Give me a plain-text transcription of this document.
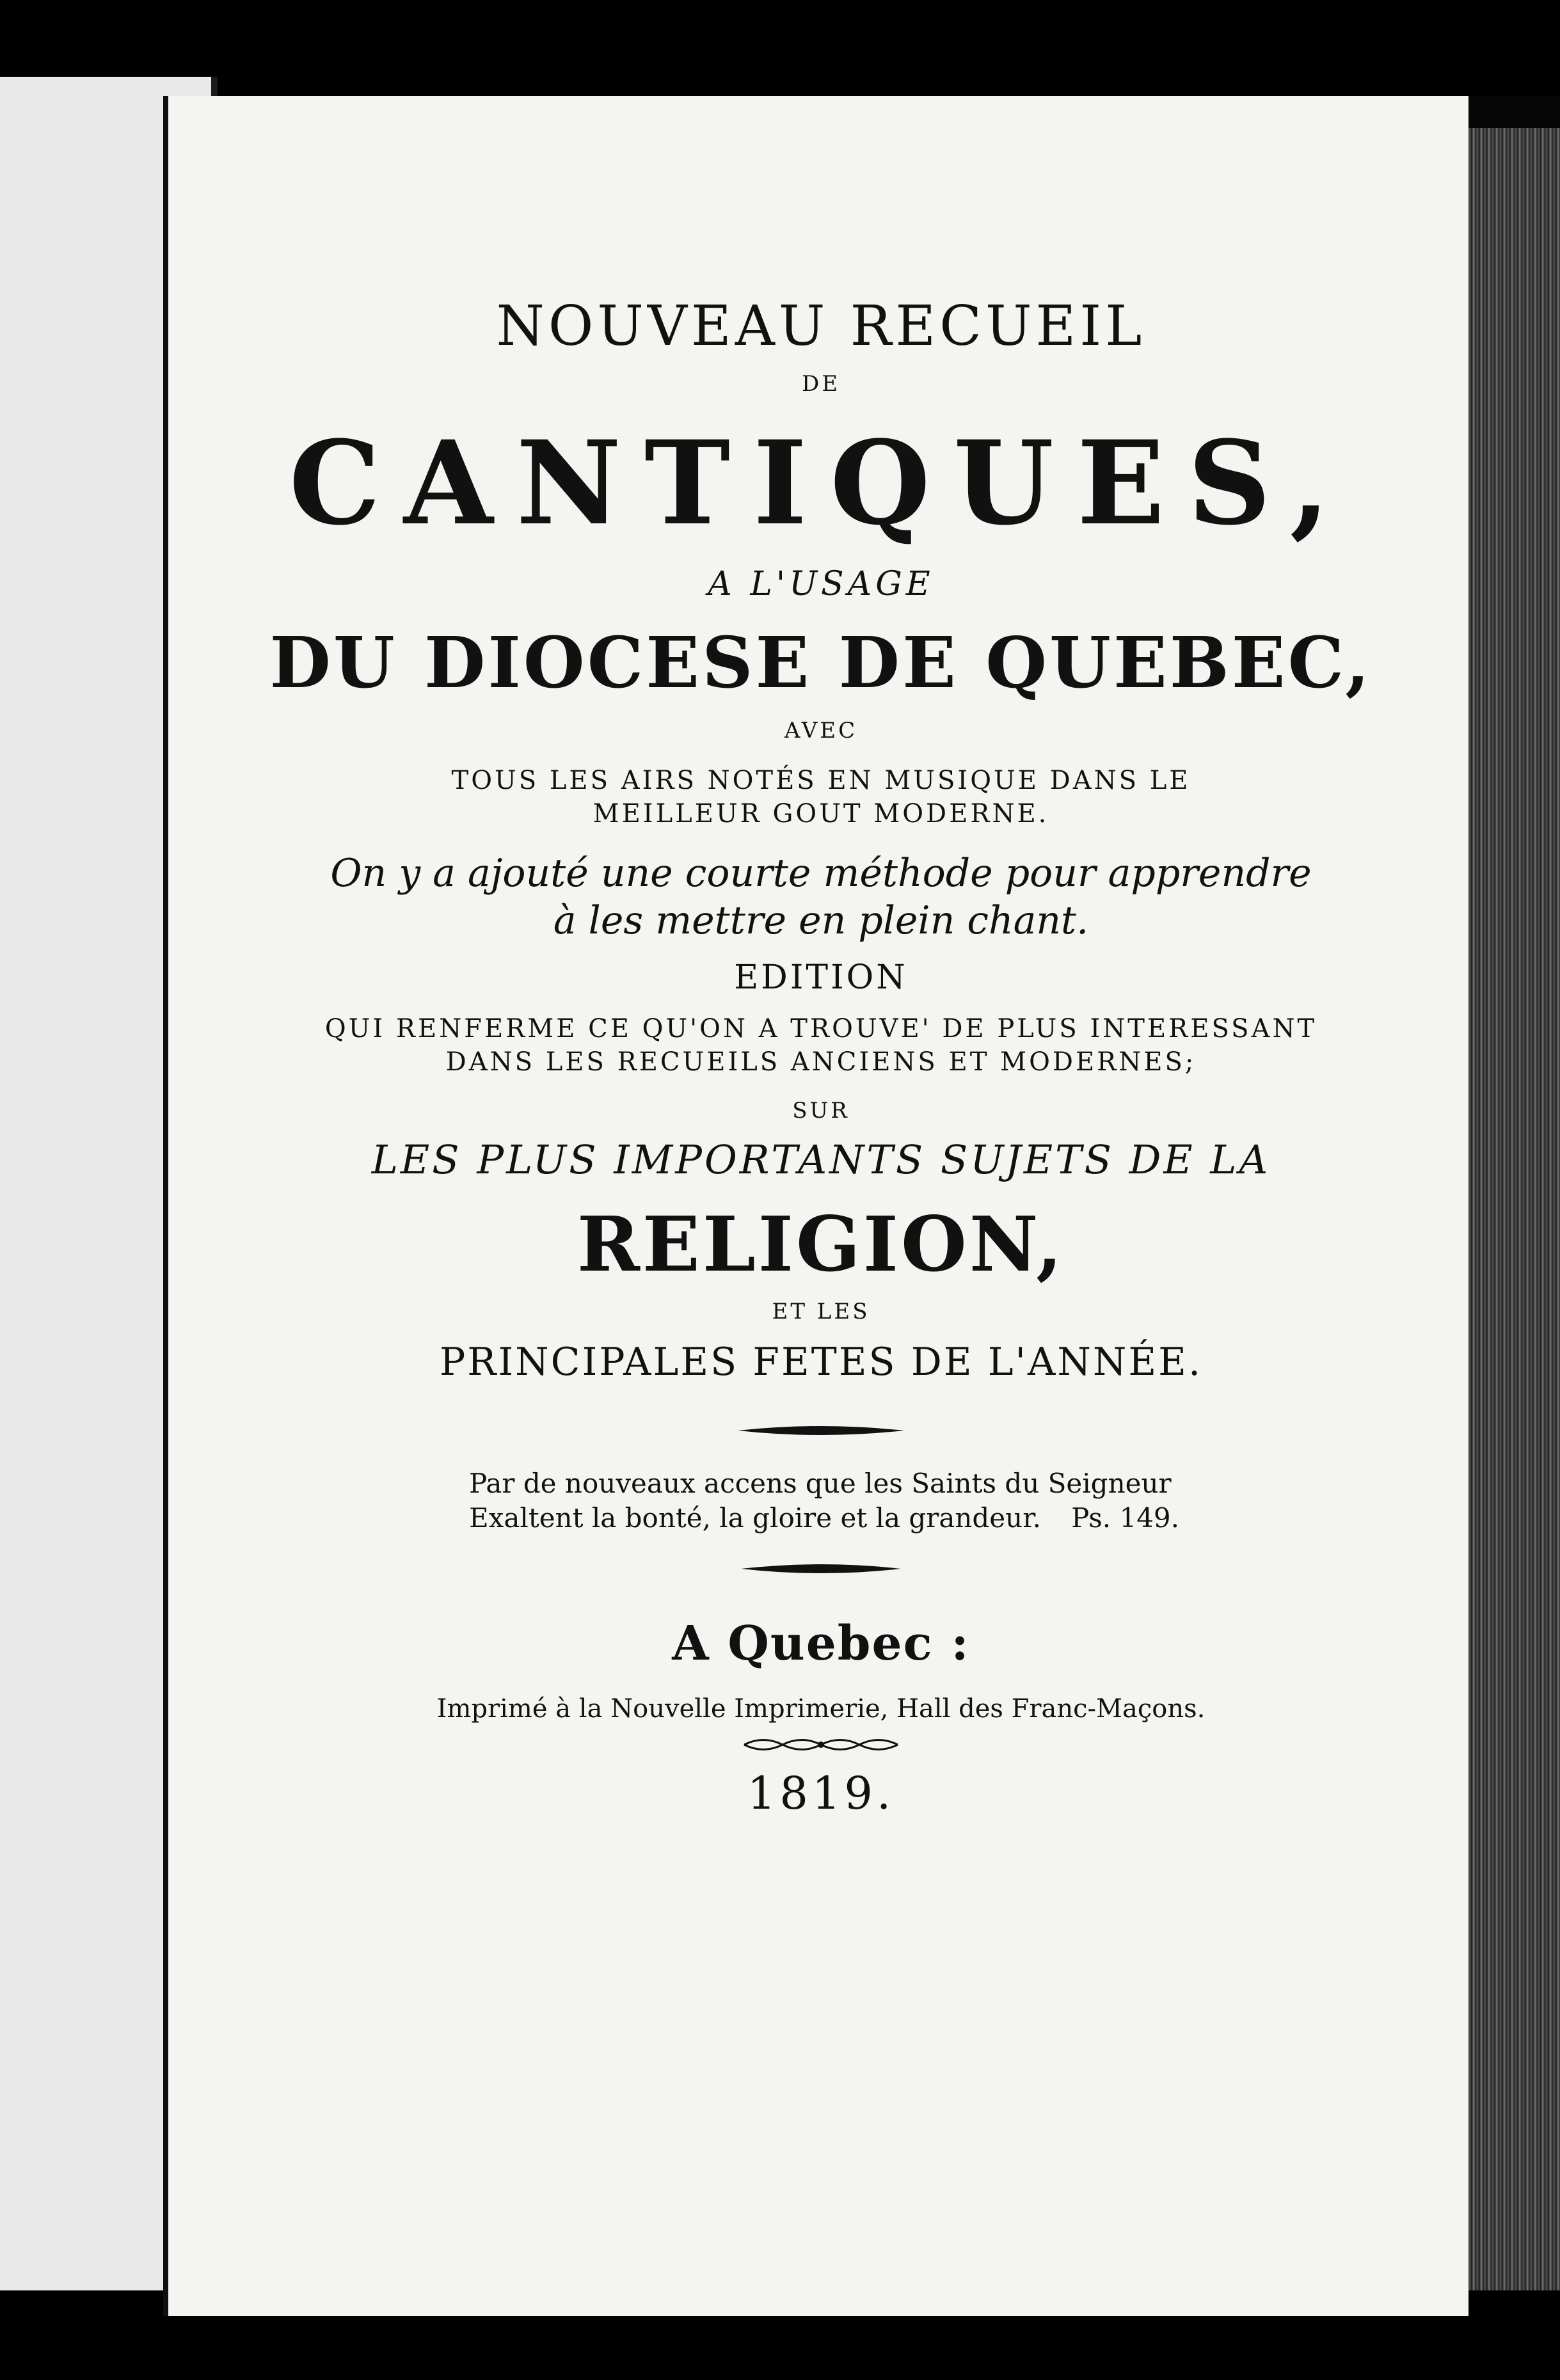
NOUVEAU RECUEIL
DE
CANTIQUES,
A L'USAGE
DU DIOCESE DE QUEBEC,
AVEC
TOUS LES AIRS NOTÉS EN MUSIQUE DANS LE
MEILLEUR GOUT MODERNE.
On y a ajouté une courte méthode pour apprendre
à les mettre en plein chant.
EDITION
QUI RENFERME CE QU'ON A TROUVE' DE PLUS INTERESSANT
DANS LES RECUEILS ANCIENS ET MODERNES;
SUR
LES PLUS IMPORTANTS SUJETS DE LA
RELIGION,
ET LES
PRINCIPALES FETES DE L'ANNÉE.
Par de nouveaux accens que les Saints du Seigneur
Exaltent la bonté, la gloire et la grandeur.	Ps. 149.
A Quebec :
Imprimé à la Nouvelle Imprimerie, Hall des Franc-Maçons.
1819.
